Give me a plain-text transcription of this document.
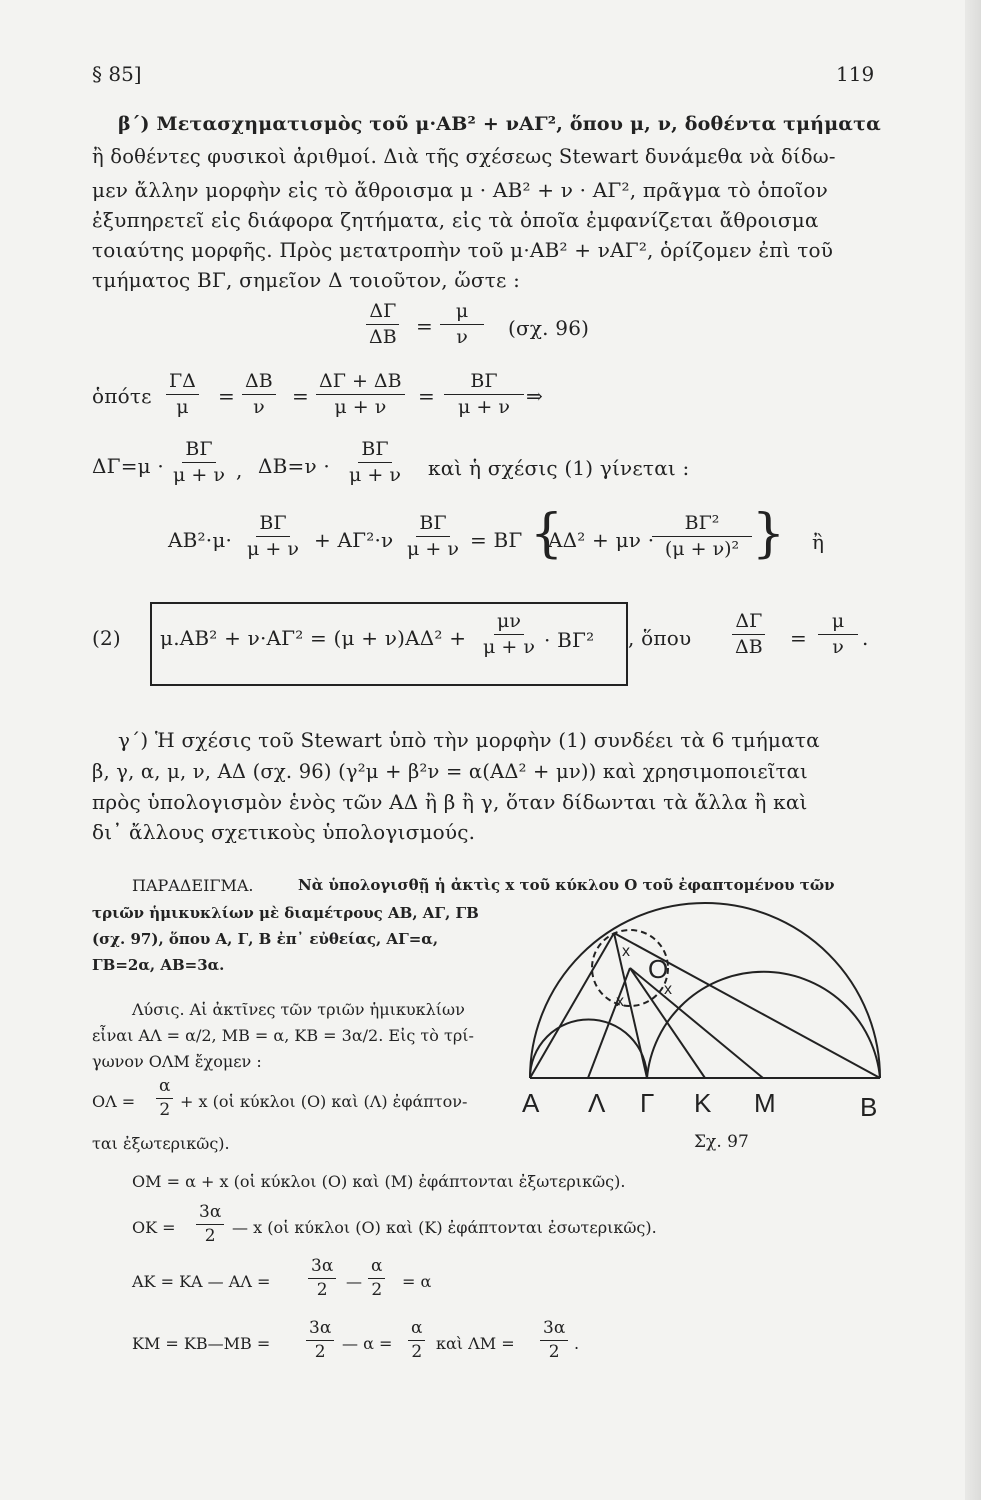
§ 85]	119
β΄) Μετασχηματισμὸς τοῦ μ·ΑΒ² + νΑΓ², ὅπου μ, ν, δοθέντα τμήματα
ἢ δοθέντες φυσικοὶ ἀριθμοί. Διὰ τῆς σχέσεως Stewart δυνάμεθα νὰ δίδω-
μεν ἄλλην μορφὴν εἰς τὸ ἄθροισμα μ · ΑΒ² + ν · ΑΓ², πρᾶγμα τὸ ὁποῖον
ἐξυπηρετεῖ εἰς διάφορα ζητήματα, εἰς τὰ ὁποῖα ἐμφανίζεται ἄθροισμα
τοιαύτης μορφῆς. Πρὸς μετατροπὴν τοῦ μ·ΑΒ² + νΑΓ², ὁρίζομεν ἐπὶ τοῦ
τμήματος ΒΓ, σημεῖον Δ τοιοῦτον, ὥστε :
$\frac{\Delta\Gamma}{\Delta B} = \frac{\mu}{\nu} (\sigma\chi$. 96)
ὁπότε $\frac{\Gamma\Delta}{\mu} = \frac{\Delta B}{\nu} = \frac{\Delta\Gamma + \Delta B}{\mu + \nu} = \frac{B\Gamma}{\mu + \nu}$ ⇒
$\Delta\Gamma=\mu \cdot \frac{B\Gamma}{\mu + \nu}$ , $\Delta B=\nu \cdot \frac{B\Gamma}{\mu + \nu}$ καὶ ἡ σχέσις (1) γίνεται :
$AB^2\cdot\mu\cdot \frac{B\Gamma}{\mu + \nu} + A\Gamma^2\cdot\nu \frac{B\Gamma}{\mu + \nu} = B\Gamma$ {
ΑΔ² + μν ·
$\frac{\text{ΒΓ²}}{\text{(μ + ν)²}}$ } ἢ
(2) $\mu.AB^2 + \nu\cdot A\Gamma^2 = (\mu + \nu)A\Delta^2 + \frac{\mu\nu}{\mu + \nu} \cdot B\Gamma^2$ , ὅπου $\frac{\Delta\Gamma}{\Delta B} = \frac{\mu}{\nu}$ .
γ΄) Ἡ σχέσις τοῦ Stewart ὑπὸ τὴν μορφὴν (1) συνδέει τὰ 6 τμήματα
β, γ, α, μ, ν, ΑΔ (σχ. 96) (γ²μ + β²ν = α(ΑΔ² + μν)) καὶ χρησιμοποιεῖται
πρὸς ὑπολογισμὸν ἑνὸς τῶν ΑΔ ἢ β ἢ γ, ὅταν δίδωνται τὰ ἄλλα ἢ καὶ
δι᾽ ἄλλους σχετικοὺς ὑπολογισμούς.
ΠΑΡΑΔΕΙΓΜΑ.	Νὰ ὑπολογισθῇ ἡ ἀκτὶς x τοῦ κύκλου Ο τοῦ ἐφαπτομένου τῶν
τριῶν ἡμικυκλίων μὲ διαμέτρους ΑΒ, ΑΓ, ΓΒ
(σχ. 97), ὅπου Α, Γ, Β ἐπ᾽ εὐθείας, ΑΓ=α,
ΓΒ=2α, ΑΒ=3α.
Λύσις. Αἱ ἀκτῖνες τῶν τριῶν ἡμικυκλίων
εἶναι ΑΛ = α/2, ΜΒ = α, ΚΒ = 3α/2. Εἰς τὸ τρί-
γωνον ΟΛΜ ἔχομεν :
$O\Lambda = \frac{\alpha}{2} + x$ (οἱ κύκλοι (Ο) καὶ (Λ) ἐφάπτον-
ται ἐξωτερικῶς).
ΟΜ = α + x (οἱ κύκλοι (Ο) καὶ (Μ) ἐφάπτονται ἐξωτερικῶς).
$OK = \frac{3\alpha}{2}$ — x (οἱ κύκλοι (Ο) καὶ (Κ) ἐφάπτονται ἐσωτερικῶς).
ΑΚ = ΚΑ — $A\Lambda = \frac{3\alpha}{2}$ — $\frac{\alpha}{2} = \alpha$
ΚΜ = ΚΒ—ΜΒ = $\frac{3\alpha}{2}$ — $\alpha = \frac{\alpha}{2}$ καὶ $\Lambda M = \frac{3\alpha}{2}$ .
x
Ο
x
x
Α Λ Γ Κ Μ	Β
Σχ. 97
